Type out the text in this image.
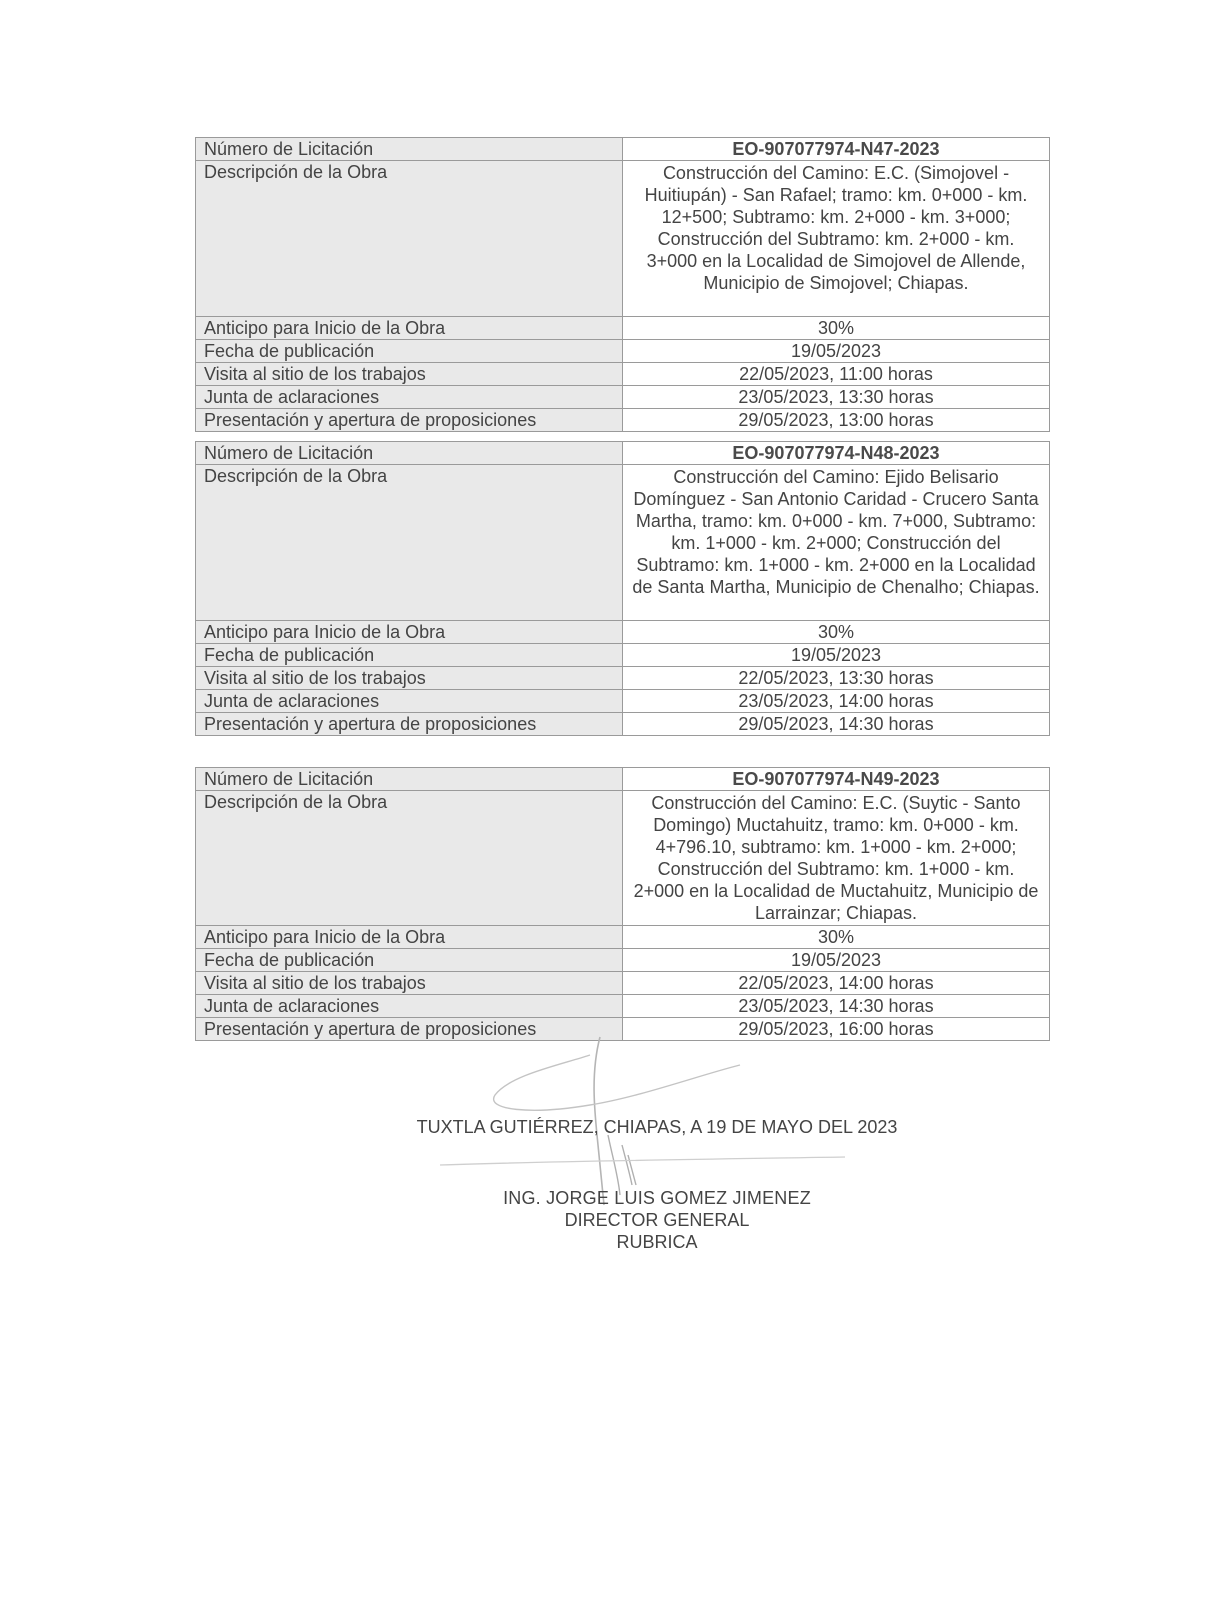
Número de Licitación	EO-907077974-N47-2023
Descripción de la Obra	Construcción del Camino: E.C. (Simojovel - Huitiupán) - San Rafael; tramo: km. 0+000 - km. 12+500; Subtramo: km. 2+000 - km. 3+000; Construcción del Subtramo: km. 2+000 - km. 3+000 en la Localidad de Simojovel de Allende, Municipio de Simojovel; Chiapas.
Anticipo para Inicio de la Obra	30%
Fecha de publicación	19/05/2023
Visita al sitio de los trabajos	22/05/2023, 11:00 horas
Junta de aclaraciones	23/05/2023, 13:30 horas
Presentación y apertura de proposiciones	29/05/2023, 13:00 horas
Número de Licitación	EO-907077974-N48-2023
Descripción de la Obra	Construcción del Camino: Ejido Belisario Domínguez - San Antonio Caridad - Crucero Santa Martha, tramo: km. 0+000 - km. 7+000, Subtramo: km. 1+000 - km. 2+000; Construcción del Subtramo: km. 1+000 - km. 2+000 en la Localidad de Santa Martha, Municipio de Chenalho; Chiapas.
Anticipo para Inicio de la Obra	30%
Fecha de publicación	19/05/2023
Visita al sitio de los trabajos	22/05/2023, 13:30 horas
Junta de aclaraciones	23/05/2023, 14:00 horas
Presentación y apertura de proposiciones	29/05/2023, 14:30 horas
Número de Licitación	EO-907077974-N49-2023
Descripción de la Obra	Construcción del Camino: E.C. (Suytic - Santo Domingo) Muctahuitz, tramo: km. 0+000 - km. 4+796.10, subtramo: km. 1+000 - km. 2+000; Construcción del Subtramo: km. 1+000 - km. 2+000 en la Localidad de Muctahuitz, Municipio de Larrainzar; Chiapas.
Anticipo para Inicio de la Obra	30%
Fecha de publicación	19/05/2023
Visita al sitio de los trabajos	22/05/2023, 14:00 horas
Junta de aclaraciones	23/05/2023, 14:30 horas
Presentación y apertura de proposiciones	29/05/2023, 16:00 horas
TUXTLA GUTIÉRREZ, CHIAPAS, A 19 DE MAYO DEL 2023
ING. JORGE LUIS GOMEZ JIMENEZ
DIRECTOR GENERAL
RUBRICA
